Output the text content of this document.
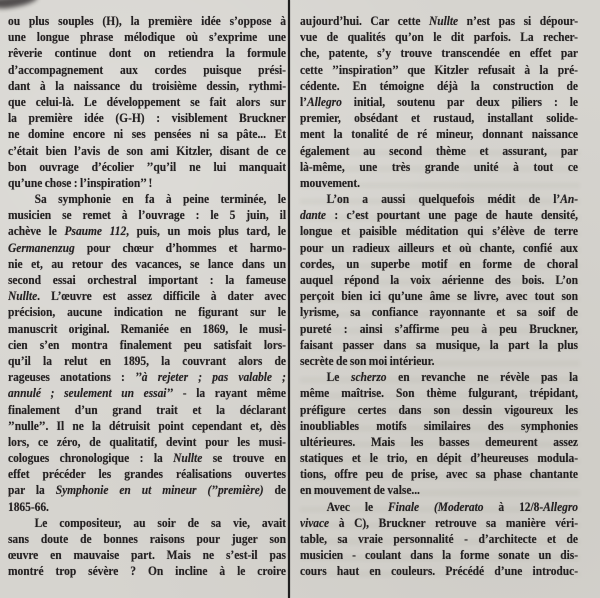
ou plus souples (H), la première idée s’oppose à
une longue phrase mélodique où s’exprime une
rêverie continue dont on retiendra la formule
d’accompagnement aux cordes puisque prési-
dant à la naissance du troisième dessin, rythmi-
que celui-là. Le développement se fait alors sur
la première idée (G-H) : visiblement Bruckner
ne domine encore ni ses pensées ni sa pâte... Et
c’était bien l’avis de son ami Kitzler, disant de ce
bon ouvrage d’écolier ’’qu’il ne lui manquait
qu’une chose : l’inspiration’’ !
Sa symphonie en fa à peine terminée, le
musicien se remet à l’ouvrage : le 5 juin, il
achève le Psaume 112, puis, un mois plus tard, le
Germanenzug pour chœur d’hommes et harmo-
nie et, au retour des vacances, se lance dans un
second essai orchestral important : la fameuse
Nullte. L’œuvre est assez difficile à dater avec
précision, aucune indication ne figurant sur le
manuscrit original. Remaniée en 1869, le musi-
cien s’en montra finalement peu satisfait lors-
qu’il la relut en 1895, la couvrant alors de
rageuses anotations : ’’à rejeter ; pas valable ;
annulé ; seulement un essai’’ - la rayant même
finalement d’un grand trait et la déclarant
’’nulle’’. Il ne la détruisit point cependant et, dès
lors, ce zéro, de qualitatif, devint pour les musi-
cologues chronologique : la Nullte se trouve en
effet précéder les grandes réalisations ouvertes
par la Symphonie en ut mineur (’’première) de
1865-66.
Le compositeur, au soir de sa vie, avait
sans doute de bonnes raisons pour juger son
œuvre en mauvaise part. Mais ne s’est-il pas
montré trop sévère ? On incline à le croire
aujourd’hui. Car cette Nullte n’est pas si dépour-
vue de qualités qu’on le dit parfois. La recher-
che, patente, s’y trouve transcendée en effet par
cette ’’inspiration’’ que Kitzler refusait à la pré-
cédente. En témoigne déjà la construction de
l’Allegro initial, soutenu par deux piliers : le
premier, obsédant et rustaud, installant solide-
ment la tonalité de ré mineur, donnant naissance
également au second thème et assurant, par
là-même, une très grande unité à tout ce
mouvement.
L’on a aussi quelquefois médit de l’An-
dante : c’est pourtant une page de haute densité,
longue et paisible méditation qui s’élève de terre
pour un radieux ailleurs et où chante, confié aux
cordes, un superbe motif en forme de choral
auquel répond la voix aérienne des bois. L’on
perçoit bien ici qu’une âme se livre, avec tout son
lyrisme, sa confiance rayonnante et sa soif de
pureté : ainsi s’affirme peu à peu Bruckner,
faisant passer dans sa musique, la part la plus
secrète de son moi intérieur.
Le scherzo en revanche ne révèle pas la
même maîtrise. Son thème fulgurant, trépidant,
préfigure certes dans son dessin vigoureux les
inoubliables motifs similaires des symphonies
ultérieures. Mais les basses demeurent assez
statiques et le trio, en dépit d’heureuses modula-
tions, offre peu de prise, avec sa phase chantante
en mouvement de valse...
Avec le Finale (Moderato à 12/8-Allegro
vivace à C), Bruckner retrouve sa manière véri-
table, sa vraie personnalité - d’architecte et de
musicien - coulant dans la forme sonate un dis-
cours haut en couleurs. Précédé d’une introduc-
